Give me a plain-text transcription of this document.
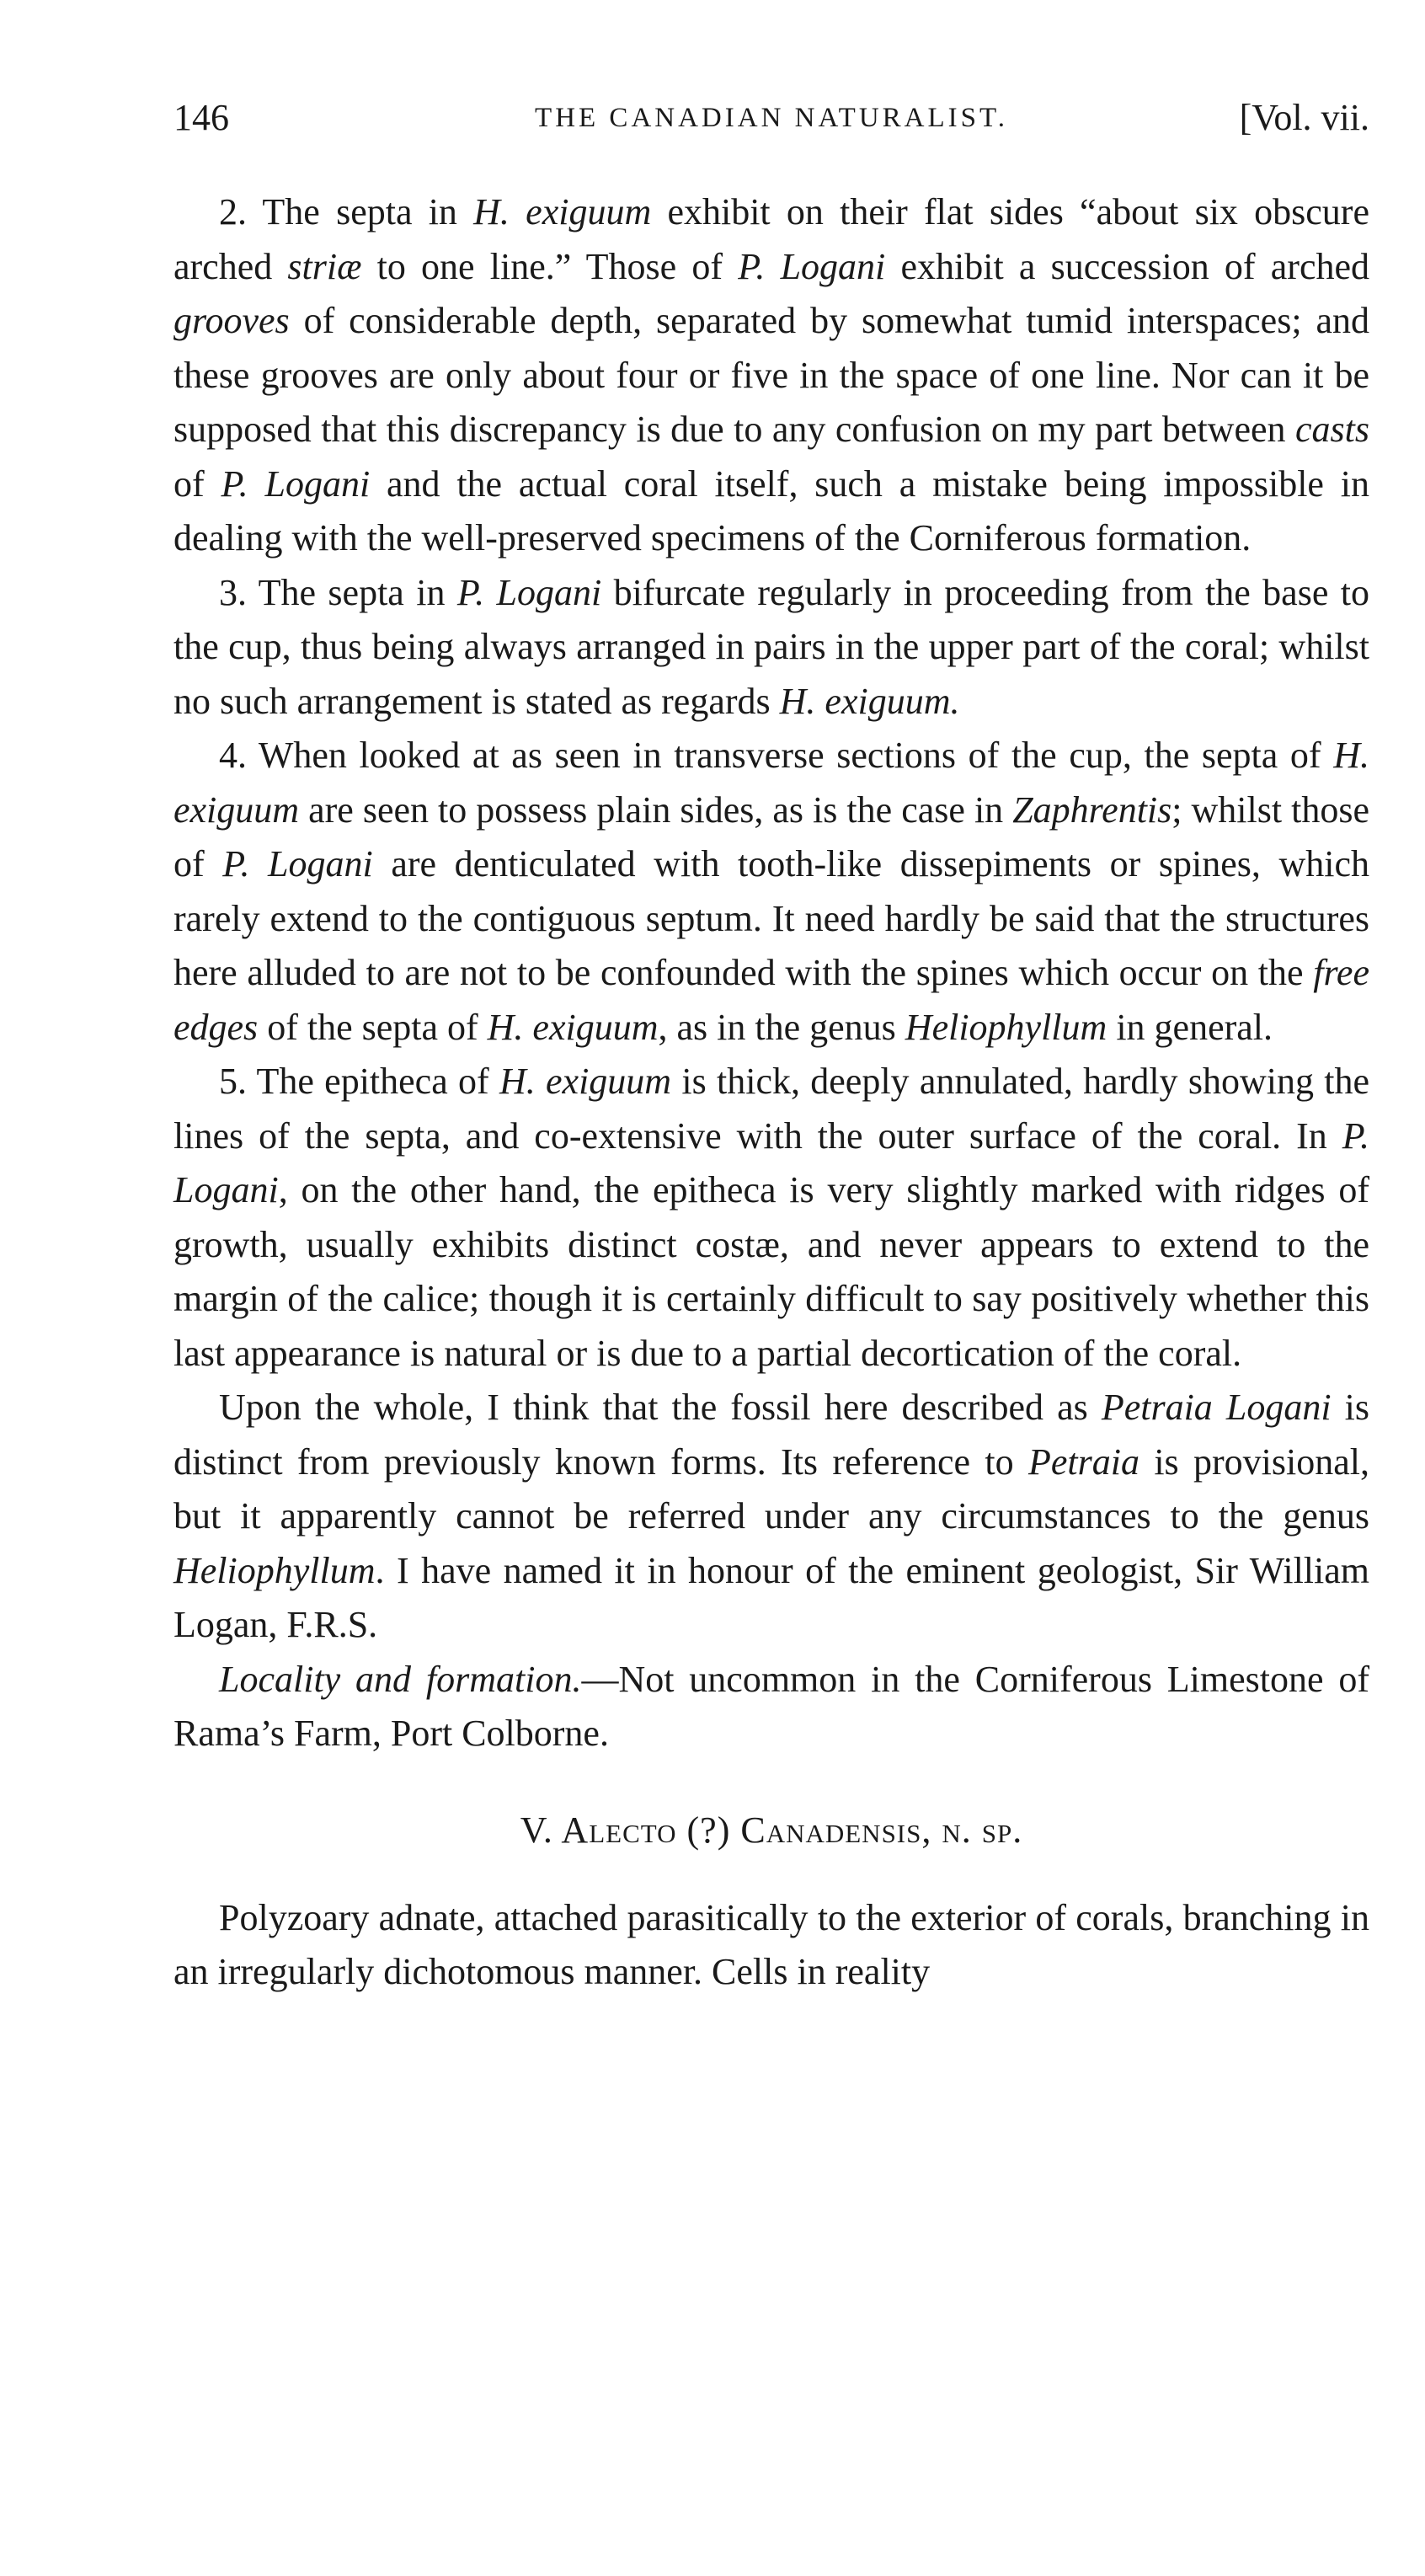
146	THE CANADIAN NATURALIST.	[Vol. vii.

2. The septa in H. exiguum exhibit on their flat sides “about six obscure arched striæ to one line.” Those of P. Logani exhibit a succession of arched grooves of considerable depth, separated by somewhat tumid interspaces; and these grooves are only about four or five in the space of one line. Nor can it be supposed that this discrepancy is due to any confusion on my part between casts of P. Logani and the actual coral itself, such a mistake being impossible in dealing with the well-preserved specimens of the Corniferous formation.

3. The septa in P. Logani bifurcate regularly in proceeding from the base to the cup, thus being always arranged in pairs in the upper part of the coral; whilst no such arrangement is stated as regards H. exiguum.

4. When looked at as seen in transverse sections of the cup, the septa of H. exiguum are seen to possess plain sides, as is the case in Zaphrentis; whilst those of P. Logani are denticulated with tooth-like dissepiments or spines, which rarely extend to the contiguous septum. It need hardly be said that the structures here alluded to are not to be confounded with the spines which occur on the free edges of the septa of H. exiguum, as in the genus Heliophyllum in general.

5. The epitheca of H. exiguum is thick, deeply annulated, hardly showing the lines of the septa, and co-extensive with the outer surface of the coral. In P. Logani, on the other hand, the epitheca is very slightly marked with ridges of growth, usually exhibits distinct costæ, and never appears to extend to the margin of the calice; though it is certainly difficult to say positively whether this last appearance is natural or is due to a partial decortication of the coral.

Upon the whole, I think that the fossil here described as Petraia Logani is distinct from previously known forms. Its reference to Petraia is provisional, but it apparently cannot be referred under any circumstances to the genus Heliophyllum. I have named it in honour of the eminent geologist, Sir William Logan, F.R.S.

Locality and formation.—Not uncommon in the Corniferous Limestone of Rama’s Farm, Port Colborne.

V. Alecto (?) Canadensis, n. sp.

Polyzoary adnate, attached parasitically to the exterior of corals, branching in an irregularly dichotomous manner. Cells in reality
